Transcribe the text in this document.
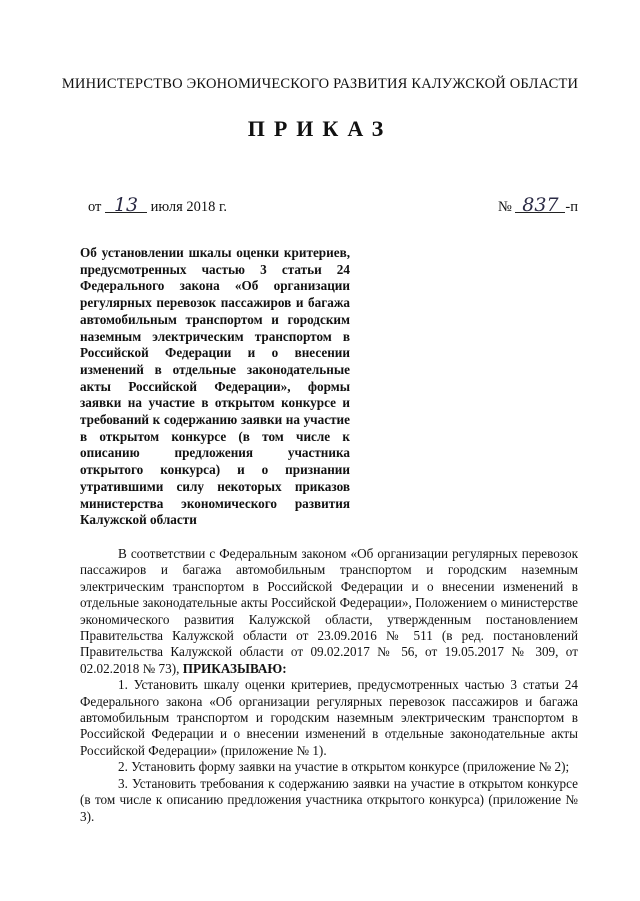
МИНИСТЕРСТВО ЭКОНОМИЧЕСКОГО РАЗВИТИЯ КАЛУЖСКОЙ ОБЛАСТИ
ПРИКАЗ
от 13 июля 2018 г.	№ 837 -п
Об установлении шкалы оценки критериев, предусмотренных частью 3 статьи 24 Федерального закона «Об организации регулярных перевозок пассажиров и багажа автомобильным транспортом и городским наземным электрическим транспортом в Российской Федерации и о внесении изменений в отдельные законодательные акты Российской Федерации», формы заявки на участие в открытом конкурсе и требований к содержанию заявки на участие в открытом конкурсе (в том числе к описанию предложения участника открытого конкурса) и о признании утратившими силу некоторых приказов министерства экономического развития Калужской области

В соответствии с Федеральным законом «Об организации регулярных перевозок пассажиров и багажа автомобильным транспортом и городским наземным электрическим транспортом в Российской Федерации и о внесении изменений в отдельные законодательные акты Российской Федерации», Положением о министерстве экономического развития Калужской области, утвержденным постановлением Правительства Калужской области от 23.09.2016 № 511 (в ред. постановлений Правительства Калужской области от 09.02.2017 № 56, от 19.05.2017 № 309, от 02.02.2018 № 73), ПРИКАЗЫВАЮ:

1. Установить шкалу оценки критериев, предусмотренных частью 3 статьи 24 Федерального закона «Об организации регулярных перевозок пассажиров и багажа автомобильным транспортом и городским наземным электрическим транспортом в Российской Федерации и о внесении изменений в отдельные законодательные акты Российской Федерации» (приложение № 1).

2. Установить форму заявки на участие в открытом конкурсе (приложение № 2);

3. Установить требования к содержанию заявки на участие в открытом конкурсе (в том числе к описанию предложения участника открытого конкурса) (приложение № 3).
